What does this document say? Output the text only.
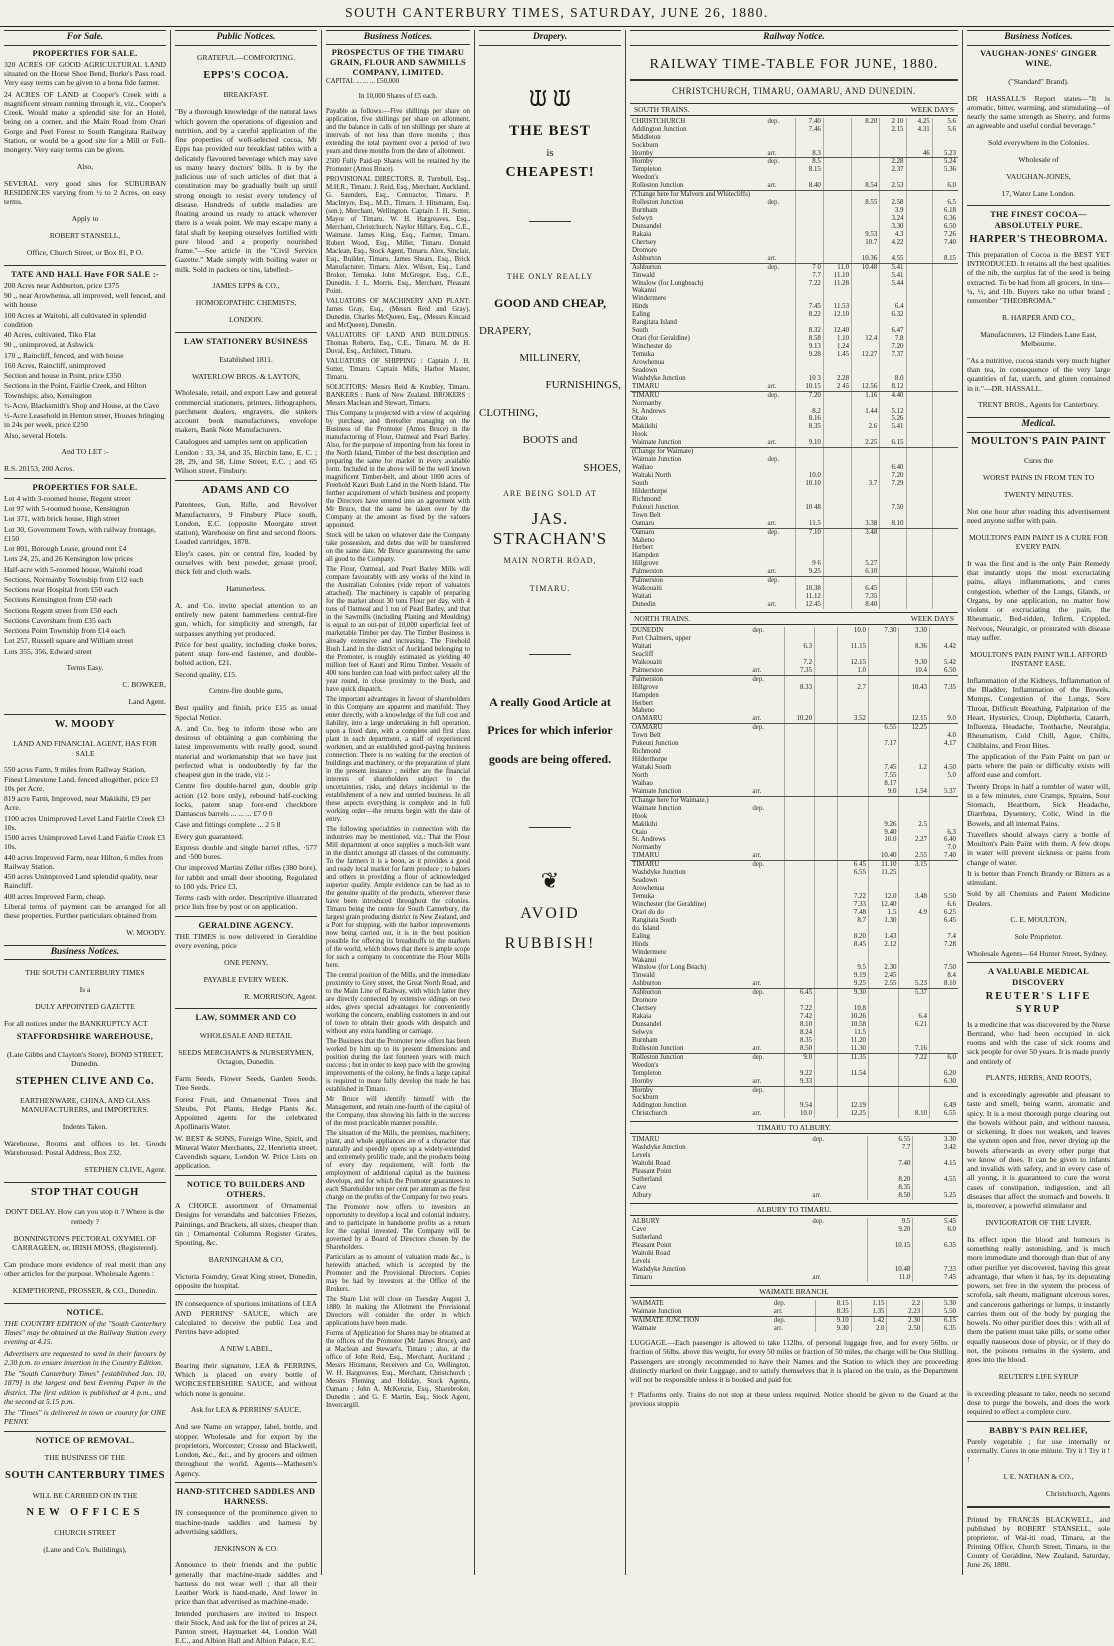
SOUTH CANTERBURY TIMES, SATURDAY, JUNE 26, 1880.
For Sale.
PROPERTIES FOR SALE.

320 ACRES OF GOOD AGRICULTURAL LAND situated on the Horse Shoe Bend, Burke's Pass road. Very easy terms can be given to a bona fide farmer.

24 ACRES OF LAND at Cooper's Creek with a magnificent stream running through it, viz., Cooper's Creek. Would make a splendid site for an Hotel, being on a corner, and the Main Road from Orari Gorge and Peel Forest to South Rangitata Railway Station, or would be a good site for a Mill or Fell-mongery. Very easy terms can be given.

Also,

SEVERAL very good sites for SUBURBAN RESIDENCES varying from ½ to 2 Acres, on easy terms.

Apply to

ROBERT STANSELL,

Office, Church Street, or Box 81, P O.

TATE AND HALL Have FOR SALE :-
200 Acres near Ashburton, price £375
90 ,, near Arowhenua, all improved, well fenced, and with house
100 Acres at Waitohi, all cultivated in splendid condition
40 Acres, cultivated, Tiko Flat
90 ,, unimproved, at Ashwick
170 ,, Raincliff, fenced, and with house
160 Acres, Raincliff, unimproved
Section and house in Point, price £350
Sections in the Point, Fairlie Creek, and Hilton Townships; also, Kensington
½-Acre, Blacksmith's Shop and House, at the Cave
½-Acre Leasehold in Henton street, Houses bringing in 24s per week, price £250
Also, several Hotels.

And TO LET :-

R.S. 20153, 200 Acres.

PROPERTIES FOR SALE.
Lot 4 with 3-roomed house, Regent street
Lot 97 with 5-roomed house, Kensington
Lot 371, with brick house, High street
Lot 30, Government Town, with railway frontage, £150
Lot 801, Borough Lease, ground rent £4
Lots 24, 25, and 26 Kensington low prices
Half-acre with 5-roomed house, Waitohi road
Sections, Normanby Township from £12 each
Sections near Hospital from £50 each
Sections Kensington from £50 each
Sections Regent street from £50 each
Sections Caversham from £35 each
Sections Point Township from £14 each
Lot 257, Russell square and William street
Lots 355, 356, Edward street

Terms Easy.

C. BOWKER,

Land Agent.

W. MOODY

LAND AND FINANCIAL AGENT, HAS FOR SALE

550 acres Farm, 9 miles from Railway Station, Finest Limestone Land, fenced altogether, price £3 10s per Acre.
819 acre Farm, Improved, near Makikihi, £9 per Acre.
1100 acres Unimproved Level Land Fairlie Creek £3 10s.
1500 acres Unimproved Level Land Fairlie Creek £3 10s.
440 acres Improved Farm, near Hilton, 6 miles from Railway Station.
450 acres Unimproved Land splendid quality, near Raincliff.
400 acres Improved Farm, cheap.

Liberal terms of payment can be arranged for all these properties. Further particulars obtained from

W. MOODY.

Business Notices.

THE SOUTH CANTERBURY TIMES

Is a

DULY APPOINTED GAZETTE

For all notices under the BANKRUPTCY ACT

STAFFORDSHIRE WAREHOUSE,

(Late Gibbs and Clayton's Store), BOND STREET, Dunedin.

STEPHEN CLIVE AND Co.

EARTHENWARE, CHINA, AND GLASS MANUFACTURERS, and IMPORTERS.

Indents Taken.

Warehouse, Rooms and offices to let. Goods Warehoused. Postal Address, Box 232.

STEPHEN CLIVE, Agent.

STOP THAT COUGH

DON'T DELAY. How can you stop it ? Where is the remedy ?

BONNINGTON'S PECTORAL OXYMEL OF CARRAGEEN, or, IRISH MOSS, (Registered).

Can produce more evidence of real merit than any other articles for the purpose. Wholesale Agents :

KEMPTHORNE, PROSSER, & CO., Dunedin.

NOTICE.

THE COUNTRY EDITION of the "South Canterbury Times" may be obtained at the Railway Station every evening at 4.15.

Advertisers are requested to send in their favours by 2.30 p.m. to ensure insertion in the Country Edition.

The "South Canterbury Times" [established Jan. 10, 1879] is the largest and best Evening Paper in the district. The first edition is published at 4 p.m., and the second at 5.15 p.m.

The "Times" is delivered in town or country for ONE PENNY.

NOTICE OF REMOVAL.

THE BUSINESS OF THE

SOUTH CANTERBURY TIMES

WILL BE CARRIED ON IN THE

NEW OFFICES

CHURCH STREET

(Lane and Co's. Buildings),

Public Notices.

GRATEFUL—COMFORTING.

EPPS'S COCOA.

BREAKFAST.

"By a thorough knowledge of the natural laws which govern the operations of digestion and nutrition, and by a careful application of the fine properties of well-selected cocoa, Mr Epps has provided our breakfast tables with a delicately flavoured beverage which may save us many heavy doctors' bills. It is by the judicious use of such articles of diet that a constitution may be gradually built up until strong enough to resist every tendency of disease. Hundreds of subtle maladies are floating around us ready to attack wherever there is a weak point. We may escape many a fatal shaft by keeping ourselves fortified with pure blood and a properly nourished frame."—See article in the "Civil Service Gazette." Made simply with boiling water or milk. Sold in packets or tins, labelled:-

JAMES EPPS & CO.,

HOMOEOPATHIC CHEMISTS,

LONDON.

LAW STATIONERY BUSINESS

Established 1811.

WATERLOW BROS. & LAYTON,

Wholesale, retail, and export Law and general commercial stationers, printers, lithographers, parchment dealers, engravers, die sinkers account book manufacturers, envelope makers, Bank Note Manufacturers.

Catalogues and samples sent on application

London : 33, 34, and 35, Birchin lane, E. C. ; 28, 29, and 58, Lime Street, E.C. ; and 65 Wilson street, Finsbury.

ADAMS AND CO

Patentees, Gun, Rifle, and Revolver Manufacturers, 9 Finsbury Place south, London, E.C. (opposite Moorgate street station), Warehouse on first and second floors. Loaded cartridges, 1878.

Eley's cases, pin or central fire, loaded by ourselves with best powder, grease proof, thick felt and cloth wads.

Hammerless.

A. and Co. invite special attention to an entirely new patent hammerless central-fire gun, which, for simplicity and strength, far surpasses anything yet produced.

Price for best quality, including choke bores, patent snap fore-end fastener, and double-bolted action, £21.

Second quality, £15.

Centre-fire double guns,

Best quality and finish, price £15 as usual Special Notice.

A. and Co. beg to inform those who are desirous of obtaining a gun combining the latest improvements with really good, sound material and workmanship that we have just perfected what is undoubtedly by far the cheapest gun in the trade, viz :-

Centre fire double-barrel gun, double grip action (12 bore only), rebound half-cocking locks, patent snap fore-end checkbore Damascus barrels ... ... ... £7 0 0

Case and fittings complete ... 2 5 8

Every gun guaranteed.

Express double and single barrel rifles, ·577 and ·500 bores.

Our improved Martini Zeller rifles (380 bore), for rabbit and small deer shooting. Regulated to 100 yds. Price £3.

Terms cash with order. Descriptive illustrated price lists free by post or on application.

GERALDINE AGENCY.

THE TIMES is now delivered in Geraldine every evening, price

ONE PENNY,

PAYABLE EVERY WEEK.

R. MORRISON, Agent.

LAW, SOMMER AND CO

WHOLESALE AND RETAIL

SEEDS MERCHANTS & NURSERYMEN, Octagon, Dunedin.

Farm Seeds, Flower Seeds, Garden Seeds. Tree Seeds.

Forest Fruit, and Ornamental Trees and Shrubs, Pot Plants, Hedge Plants &c. Appointed agents for the celebrated Apollinaris Water.

W. BEST & SONS, Foreign Wine, Spirit, and Mineral Water Merchants, 22, Henrietta street, Cavendish square, London W. Price Lists on application.

NOTICE TO BUILDERS AND OTHERS.

A CHOICE assortment of Ornamental Designs for verandahs and balconies Friezes, Paintings, and Brackets, all sizes, cheaper than tin ; Ornamental Columns Register Grates, Spouting, &c.

BARNINGHAM & CO,

Victoria Foundry, Great King street, Dunedin, opposite the hospital.

IN consequence of spurious imitations of LEA AND PERRINS' SAUCE, which are calculated to deceive the public Lea and Perrins have adopted

A NEW LABEL,

Bearing their signature, LEA & PERRINS, Which is placed on every bottle of WORCESTERSHIRE SAUCE, and without which none is genuine.

Ask for LEA & PERRINS' SAUCE,

And see Name on wrapper, label, bottle, and stopper. Wholesale and for export by the proprietors, Worcester; Crosse and Blackwell, London, &c., &c., and by grocers and oilmen throughout the world. Agents—Mathesen's Agency.

HAND-STITCHED SADDLES AND HARNESS.

IN consequence of the prominence given to machine-made saddles and harness by advertising saddlers,

JENKINSON & CO.

Announce to their friends and the public generally that machine-made saddles and harness do not wear well ; that all their Leather Work is hand-made, And lower in price than that advertised as machine-made.

Intended purchasers are invited to Inspect their Stock, And ask for the list of prices at 24, Panton street, Haymarket 44, London Wall E.C., and Albion Hall and Albion Palace, E.C.

Business Notices.
PROSPECTUS OF THE TIMARU GRAIN, FLOUR AND SAWMILLS COMPANY, LIMITED.

CAPITAL ... ... ... £50,000

In 10,000 Shares of £5 each.

Payable as follows:—Five shillings per share on application, five shillings per share on allotment, and the balance in calls of ten shillings per share at intervals of not less than three months ; thus extending the total payment over a period of two years and three months from the date of allotment.

2500 Fully Paid-up Shares will be retained by the Promoter (Amos Bruce).

PROVISIONAL DIRECTORS. R. Turnbull, Esq., M.H.R., Timaru. J. Reid, Esq., Merchant, Auckland. G. Saunders, Esq., Contractor, Timaru. P. MacIntyre, Esq., M.D., Timaru. J. Hitsmann, Esq. (sen.), Merchant, Wellington. Captain J. H. Sutter, Mayor of Timaru. W. H. Hargreaves, Esq., Merchant, Christchurch. Naylor Hillary, Esq., C.E., Waimate. James King, Esq., Farmer, Timaru. Robert Wood, Esq., Miller, Timaru. Donald Maclean, Esq., Stock Agent, Timaru. Alex. Sinclair, Esq., Builder, Timaru. James Shears, Esq., Brick Manufacturer, Timaru. Alex. Wilson, Esq., Land Broker, Temuka. John McGregor, Esq., C.E., Dunedin. J. L. Morris, Esq., Merchant, Pleasant Point.

VALUATORS OF MACHINERY AND PLANT: James Gray, Esq., (Messrs Reid and Gray), Dunedin. Charles McQueen, Esq., (Messrs Kincaid and McQueen), Dunedin.

VALUATORS OF LAND AND BUILDINGS. Thomas Roberts, Esq., C.E., Timaru. M. de H. Duval, Esq., Architect, Timaru.

VALUATORS OF SHIPPING : Captain J. H. Sutter, Timaru. Captain Mills, Harbor Master, Timaru.

SOLICITORS: Messrs Reid & Knubley, Timaru. BANKERS : Bank of New Zealand. BROKERS : Messrs Maclean and Stewart, Timaru.

This Company is projected with a view of acquiring by purchase, and thereafter managing on the Business of the Promoter (Amos Bruce) in the manufacturing of Flour, Oatmeal and Pearl Barley. Also, for the purpose of importing from his forest in the North Island, Timber of the best description and preparing the same for market in every available form. Included in the above will be the well known magnificent Timber-belt, and about 1000 acres of Freehold Kauri Bush Land in the North Island. The further acquirement of which business and property the Directors have entered into an agreement with Mr Bruce, that the same be taken over by the Company at the amount as fixed by the valuers appointed.

Stock will be taken on whatever date the Company take possession, and debts due will be transferred on the same date. Mr Bruce guaranteeing the same all good to the Company.

The Flour, Oatmeal, and Pearl Barley Mills will compare favourably with any works of the kind in the Australian Colonies (vide report of valuators attached). The machinery is capable of preparing for the market about 30 tons Flour per day, with 4 tons of Oatmeal and 1 ton of Pearl Barley, and that in the Sawmills (including Planing and Moulding) is equal to an out-put of 10,000 superficial feet of marketable Timber per day. The Timber Business is already extensive and increasing. The Freehold Bush Land in the district of Auckland belonging to the Promoter, is roughly estimated as yielding 40 million feet of Kauri and Rimu Timber. Vessels of 400 tons burden can load with perfect safety all the year round, in close proximity to the Bush, and have quick dispatch.

The important advantages in favour of shareholders in this Company are apparent and manifold. They enter directly, with a knowledge of the full cost and liability, into a large undertaking in full operation, upon a fixed date, with a complete and first class plant in each department, a staff of experienced workmen, and an established good-paying business connection. There is no waiting for the erection of buildings and machinery, or the preparation of plant in the present instance ; neither are the financial interests of shareholders subject to the uncertainties, risks, and delays incidental to the establishment of a new and untried business. In all these aspects everything is complete and in full working order—the returns begin with the date of entry.

The following specialities in connection with the industries may be mentioned, viz.: That the Flour Mill department at once supplies a much-felt want in the district amongst all classes of the community. To the farmers it is a boon, as it provides a good and ready local market for farm produce ; to bakers and others in providing a flour of acknowledged superior quality. Ample evidence can be had as to the genuine quality of the products, wherever these have been introduced throughout the colonies. Timaru being the centre for South Canterbury, the largest grain producing district in New Zealand, and a Port for shipping, with the harbor improvements now being carried out, it is in the best position possible for offering its breadstuffs to the markets of the world, which shows that there is ample scope for such a company to concentrate the Flour Mills here.

The central position of the Mills, and the immediate proximity to Grey street, the Great North Road, and to the Main Line of Railway, with which latter they are directly connected by extensive sidings on two sides, gives special advantages for conveniently working the concern, enabling customers in and out of town to obtain their goods with despatch and without any extra handling or carriage.

The Business that the Promoter now offers has been worked by him up to its present dimensions and position during the last fourteen years with much success ; but in order to keep pace with the growing improvements of the colony, he finds a large capital is required to more fully develop the trade he has established in Timaru.

Mr Bruce will identify himself with the Management, and retain one-fourth of the capital of the Company, thus showing his faith in the success of the most practicable manner possible.

The situation of the Mills, the premises, machinery, plant, and whole appliances are of a character that naturally and speedily opens up a widely-extended and extremely prolific trade, and the products being of every day requirement, will forth the employment of additional capital as the business develops, and for which the Promoter guarantees to each Shareholder ten per cent per annum as the first charge on the profits of the Company for two years.

The Promoter now offers to investors an opportunity to develop a local and colonial industry, and to participate in handsome profits as a return for the capital invested. The Company will be governed by a Board of Directors chosen by the Shareholders.

Particulars as to amount of valuation made &c., is herewith attached, which is accepted by the Promoter and the Provisional Directors. Copies may be had by investors at the Office of the Brokers.

The Share List will close on Tuesday August 3, 1880. In making the Allotment the Provisional Directors will consider the order in which applications have been made.

Forms of Application for Shares may be obtained at the offices of the Promoter (Mr James Bruce), and at Maclean and Stewart's, Timaru ; also, at the office of John Reid, Esq., Merchant, Auckland ; Messrs Hitsmann, Receivers and Co, Wellington, W. H. Hargreaves, Esq., Merchant, Christchurch ; Messrs Fleming and Holiday, Stock Agents, Oamaru ; John A. McKenzie, Esq., Sharebroker, Dunedin ; and G. F. Martin, Esq., Stock Agent, Invercargill.

Drapery.
ᙡ ᙡ
THE BEST
is
CHEAPEST!
THE ONLY REALLY
GOOD AND CHEAP,
DRAPERY,
MILLINERY,
FURNISHINGS,
CLOTHING,
BOOTS and
SHOES,
ARE BEING SOLD AT
JAS. STRACHAN'S
MAIN NORTH ROAD,
TIMARU.
A really Good Article at
Prices for which inferior
goods are being offered.
❦
AVOID
RUBBISH!
Railway Notice.
RAILWAY TIME-TABLE FOR JUNE, 1880.
CHRISTCHURCH, TIMARU, OAMARU, AND DUNEDIN.
SOUTH TRAINS.	WEEK DAYS
CHRISTCHURCH	dep.	7.40		8.20	2 10	4.25	5.6
Addington Junction		7.46			2.15	4.31	5.6
Middleton							
Sockburn							
Hornby	arr.	8.3				46	5.23
Hornby	dep.	8.5			2.28		5.24
Templeton		8.15			2.37		5.36
Weedon's							
Rolleston Junction	arr.	8.40		8.54	2.53		6.0
(Change here for Malvern and Whitecliffs)							
Rolleston Junction	dep.			8.55	2.58		6.5
Burnham					3.9		6.18
Selwyn					3.24		6.36
Dunsandel					3.30		6.50
Rakaia				9.53	4.3		7.26
Chertsey				10.7	4.22		7.40
Dromore							
Ashburton	arr.			10.36	4.55		8.15
Ashburton	dep.	7 0	11.0	10.48	5.41		
Tinwald		7.7	11.10		5.41		
Winslow (for Longbeach)		7.22	11.28		5.44		
Wakanui							
Windermere							
Hinds		7.45	11.53		6.4		
Ealing		8.22	12.10		6.32		
Rangitata Island							
South		8.32	12.40		6.47		
Orari (for Geraldine)		8.58	1.10	12.4	7.8		
Winchester do		9.13	1.24		7.20		
Temuka		9.28	1.45	12.27	7.37		
Arowhenua							
Seadown							
Washdyke Junction		10 3	2.28		8.0		
TIMARU	arr.	10.15	2 45	12.56	8.12		
TIMARU	dep.	7.20		1.16	4.40		
Normanby							
St. Andrews		8.2		1.44	5.12		
Otaio		8.16			5.26		
Makikihi		8.35		2.6	5.41		
Hook							
Waimate Junction	arr.	9.10		2.25	6.15		
(Change for Waimate)							
Waimate Junction	dep.						
Waihao					6.40		
Waitaki North		10.0			7.20		
South		10.10		3.7	7.29		
Hilderthorpe							
Richmond							
Pukeuri Junction		10 48			7.50		
Town Belt							
Oamaru	arr.	11.5		3.38	8.10		
Oamaru	dep.	7.10		3.48			
Maheno							
Herbert							
Hampden							
Hillgrove		9 6		5.27			
Palmerston	arr.	9.25		6.10			
Palmerston	dep.						
Waikouaiti		10.38		6.45			
Waitati		11.12		7.35			
Dunedin	arr.	12.45		8.40			
NORTH TRAINS.	WEEK DAYS
DUNEDIN	dep.			10.0	7.30	3.30	
Port Chalmers, upper							
Waitati		6.3		11.15		8.36	4.42
Seacliff							
Waikouaiti		7.2		12.15		9.30	5.42
Palmerston	arr.	7.35		1.0		10.4	6.50
Palmerston	dep.						
Hillgrove		8.33		2.7		10.43	7.35
Hampden							
Herbert							
Maheno							
OAMARU	arr.	10.20		3.52		12.15	9.0
OAMARU	dep.				6.55	12.25	
Town Belt							4.0
Pukeuri Junction					7.17		4.17
Richmond							
Hilderthorpe							
Waitaki South					7.45	1.2	4.50
North					7.55		5.0
Waihao					8.17		
Waimate Junction	arr.				9.0	1.54	5.37
(Change here for Waimate.)							
Waimate Junction	dep.						
Hook							
Makikihi					9.26	2.5	
Otaio					9.40		6.3
St. Andrews					10.0	2.27	6.40
Normanby							7.0
TIMARU	arr.				10.40	2.55	7.40
TIMARU	dep.			6 45	11.10	3.15	
Washdyke Junction				6.55	11.25		
Seadown							
Arowhenua							
Temuka				7.22	12.0	3.48	5.50
Winchester (for Geraldine)				7.33	12.40		6.6
Orari do do				7.48	1.5	4.9	6.25
Rangitata South				8.7	1.30		6.45
do. Island							
Ealing				8.20	1.43		7.4
Hinds				8.45	2.12		7.28
Windermere							
Wakanui							
Winslow (for Long Beach)				9.5	2.30		7.50
Tinwald				9.19	2.45		8.4
Ashburton	arr.			9.25	2.55	5.23	8.10
Ashburton	dep.	6.45		9.30		5.37	
Dromore							
Chertsey		7.22		10.8			
Rakaia		7.42		10.26		6.4	
Dunsandel		8.10		10.58		6.21	
Selwyn		8.24		11.5			
Burnham		8.35		11.20			
Rolleston Junction	arr.	8.50		11.30		7.16	
Rolleston Junction	dep.	9.0		11.35		7.22	6.0
Weedon's							
Templeton		9.22		11.54			6.20
Hornby	arr.	9.33					6.30
Hornby	dep.						
Sockburn							
Addington Junction		9.54		12.19			6.49
Christchurch	arr.	10.0		12.25		8.10	6.55
TIMARU TO ALBURY.
TIMARU	dep.	6.55	3.30
Washdyke Junction		7.7	3.42
Levels			
Waitohi Road		7.40	4.15
Pleasant Point			
Sutherland		8.20	4.55
Cave		8.35	
Albury	arr.	8.50	5.25
ALBURY TO TIMARU.
ALBURY	dep.	9.5	5.45
Cave		9.20	6.0
Sutherland			
Pleasant Point		10.15	6.35
Waitohi Road			
Levels			
Washdyke Junction		10.48	7.33
Timaru	arr.	11.0	7.45
WAIMATE BRANCH.
WAIMATE	dep.	8.15	1.15	2.2	5.30
Waimate Junction	arr.	8.35	1.35	2.23	5.50
WAIMATE JUNCTION	dep.	9.10	1.42	2.30	6.15
Waimate	arr.	9.30	2.0	2.50	6.35

LUGGAGE.—Each passenger is allowed to take 112lbs. of personal luggage free, and for every 56lbs. or fraction of 56lbs. above this weight, for every 50 miles or fraction of 50 miles, the charge will be One Shilling. Passengers are strongly recommended to have their Names and the Station to which they are proceeding distinctly marked on their Luggage, and to satisfy themselves that it is placed on the train, as the Department will not be responsible unless it is booked and paid for.

† Platforms only. Trains do not stop at these unless required. Notice should be given to the Guard at the previous stoppin

Business Notices.
VAUGHAN-JONES' GINGER WINE.

("Standard" Brand).

DR HASSALL'S Report states—"It is aromatic, bitter, warming, and stimulating—of nearly the same strength as Sherry, and forms an agreeable and useful cordial beverage."

Sold everywhere in the Colonies.

Wholesale of

VAUGHAN-JONES,

17, Water Lane London.

THE FINEST COCOA—ABSOLUTELY PURE.
HARPER'S THEOBROMA.

This preparation of Cocoa is the BEST YET INTRODUCED. It retains all the best qualities of the nib, the surplus fat of the seed is being extracted. To be had from all grocers, in tins—¼, ½, and 1lb. Buyers take no other brand ; remember "THEOBROMA."

R. HARPER AND CO.,

Manufacturers, 12 Flinders Lane East, Melbourne.

"As a nutritive, cocoa stands very much higher than tea, in consequence of the very large quantities of fat, starch, and gluten contained in it."—DR. HASSALL.

TRENT BROS., Agents for Canterbury.

Medical.
MOULTON'S PAIN PAINT

Cures the

WORST PAINS IN FROM TEN TO

TWENTY MINUTES.

Not one hour after reading this advertisement need anyone suffer with pain.

MOULTON'S PAIN PAINT IS A CURE FOR EVERY PAIN.

It was the first and is the only Pain Remedy that instantly stops the most excruciating pains, allays inflammations, and cures congestion, whether of the Lungs, Glands, or Organs, by one application, no matter how violent or excruciating the pain, the Rheumatic, Bed-ridden, Infirm, Crippled, Nervous, Neuralgic, or prostrated with disease may suffer.

MOULTON'S PAIN PAINT WILL AFFORD INSTANT EASE.

Inflammation of the Kidneys, Inflammation of the Bladder, Inflammation of the Bowels, Mumps, Congestion of the Lungs, Sore Throat, Difficult Breathing, Palpitation of the Heart, Hysterics, Croup, Diphtheria, Catarrh, Influenza, Headache, Toothache, Neuralgia, Rheumatism, Cold Chill, Ague, Chills, Chilblains, and Frost Bites.

The application of the Pain Paint on part or parts where the pain or difficulty exists will afford ease and comfort.

Twenty Drops in half a tumbler of water will, in a few minutes, cure Cramps, Sprains, Sour Stomach, Heartburn, Sick Headache, Diarrhœa, Dysentery, Colic, Wind in the Bowels, and all internal Pains.

Travellers should always carry a bottle of Moulton's Pain Paint with them. A few drops in water will prevent sickness or pains from change of water.

It is better than French Brandy or Bitters as a stimulant.

Sold by all Chemists and Patent Medicine Dealers.

C. E. MOULTON,

Sole Proprietor.

Wholesale Agents—64 Hunter Street, Sydney.

A VALUABLE MEDICAL DISCOVERY
REUTER'S LIFE SYRUP

Is a medicine that was discovered by the Nurse Bertrand, who had been occupied in sick rooms and with the case of sick rooms and sick people for over 50 years. It is made purely and entirely of

PLANTS, HERBS, AND ROOTS,

and is exceedingly agreeable and pleasant to taste and smell, being warm, aromatic and spicy. It is a most thorough purge clearing out the bowels without pain, and without nausea, or sickening. It does not weaken, and leaves the system open and free, never drying up the bowels afterwards as every other purge that we know of does. It can be given to infants and invalids with safety, and in every case of all young, it is guaranteed to cure the worst cases of constipation, indigestion, and all diseases that affect the stomach and bowels. It is, moreover, a powerful stimulator and

INVIGORATOR OF THE LIVER.

Its effect upon the blood and humours is something really astonishing, and is much more immediate and thorough than that of any other purifier yet discovered, having this great advantage, that when it has, by its depurating powers, set free in the system the process of scrofula, salt rheum, malignant ulcerous sores, and cancerous gatherings or lumps, it instantly carries them out of the body by purging the bowels. No other purifier does this : with all of them the patient must take pills, or some other equally nauseous dose of physic, or if they do not, the poisons remains in the system, and goes into the blood.

REUTER'S LIFE SYRUP

is exceeding pleasant to take, needs no second dose to purge the bowels, and does the work required to effect a complete cure.

BABBY'S PAIN RELIEF,

Purely vegetable ; for use internally or externally. Cures in one minute. Try it ! Try it ! !

I. E. NATHAN & CO.,

Christchurch, Agents

Printed by FRANCIS BLACKWELL, and published by ROBERT STANSELL, sole proprietor, of Wai-iti road, Timaru, at the Printing Office, Church Street, Timaru, in the County of Geraldine, New Zealand, Saturday, June 26, 1880.
